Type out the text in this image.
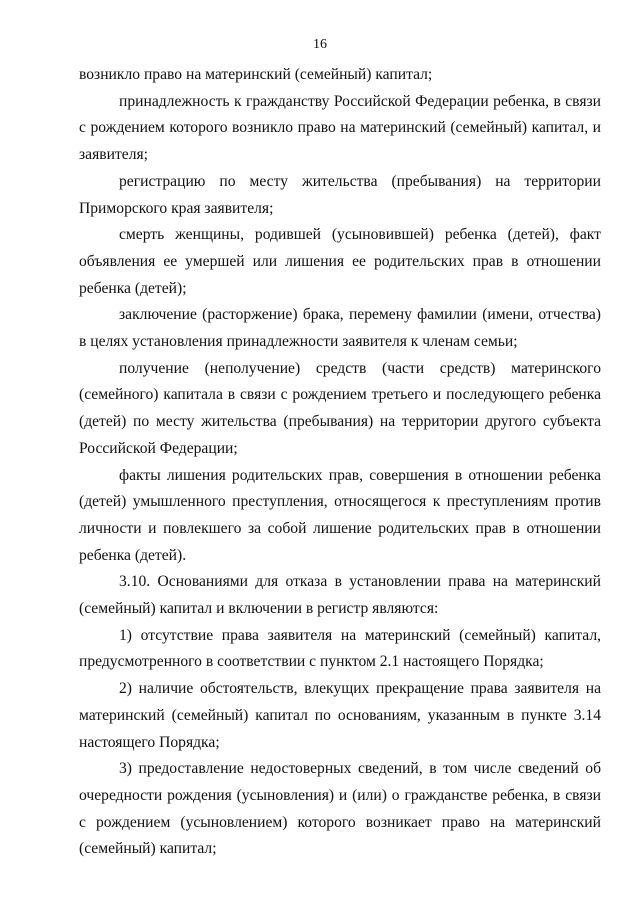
16

возникло право на материнский (семейный) капитал;

принадлежность к гражданству Российской Федерации ребенка, в связи с рождением которого возникло право на материнский (семейный) капитал, и заявителя;

регистрацию по месту жительства (пребывания) на территории Приморского края заявителя;

смерть женщины, родившей (усыновившей) ребенка (детей), факт объявления ее умершей или лишения ее родительских прав в отношении ребенка (детей);

заключение (расторжение) брака, перемену фамилии (имени, отчества) в целях установления принадлежности заявителя к членам семьи;

получение (неполучение) средств (части средств) материнского (семейного) капитала в связи с рождением третьего и последующего ребенка (детей) по месту жительства (пребывания) на территории другого субъекта Российской Федерации;

факты лишения родительских прав, совершения в отношении ребенка (детей) умышленного преступления, относящегося к преступлениям против личности и повлекшего за собой лишение родительских прав в отношении ребенка (детей).

3.10. Основаниями для отказа в установлении права на материнский (семейный) капитал и включении в регистр являются:

1) отсутствие права заявителя на материнский (семейный) капитал, предусмотренного в соответствии с пунктом 2.1 настоящего Порядка;

2) наличие обстоятельств, влекущих прекращение права заявителя на материнский (семейный) капитал по основаниям, указанным в пункте 3.14 настоящего Порядка;

3) предоставление недостоверных сведений, в том числе сведений об очередности рождения (усыновления) и (или) о гражданстве ребенка, в связи с рождением (усыновлением) которого возникает право на материнский (семейный) капитал;
